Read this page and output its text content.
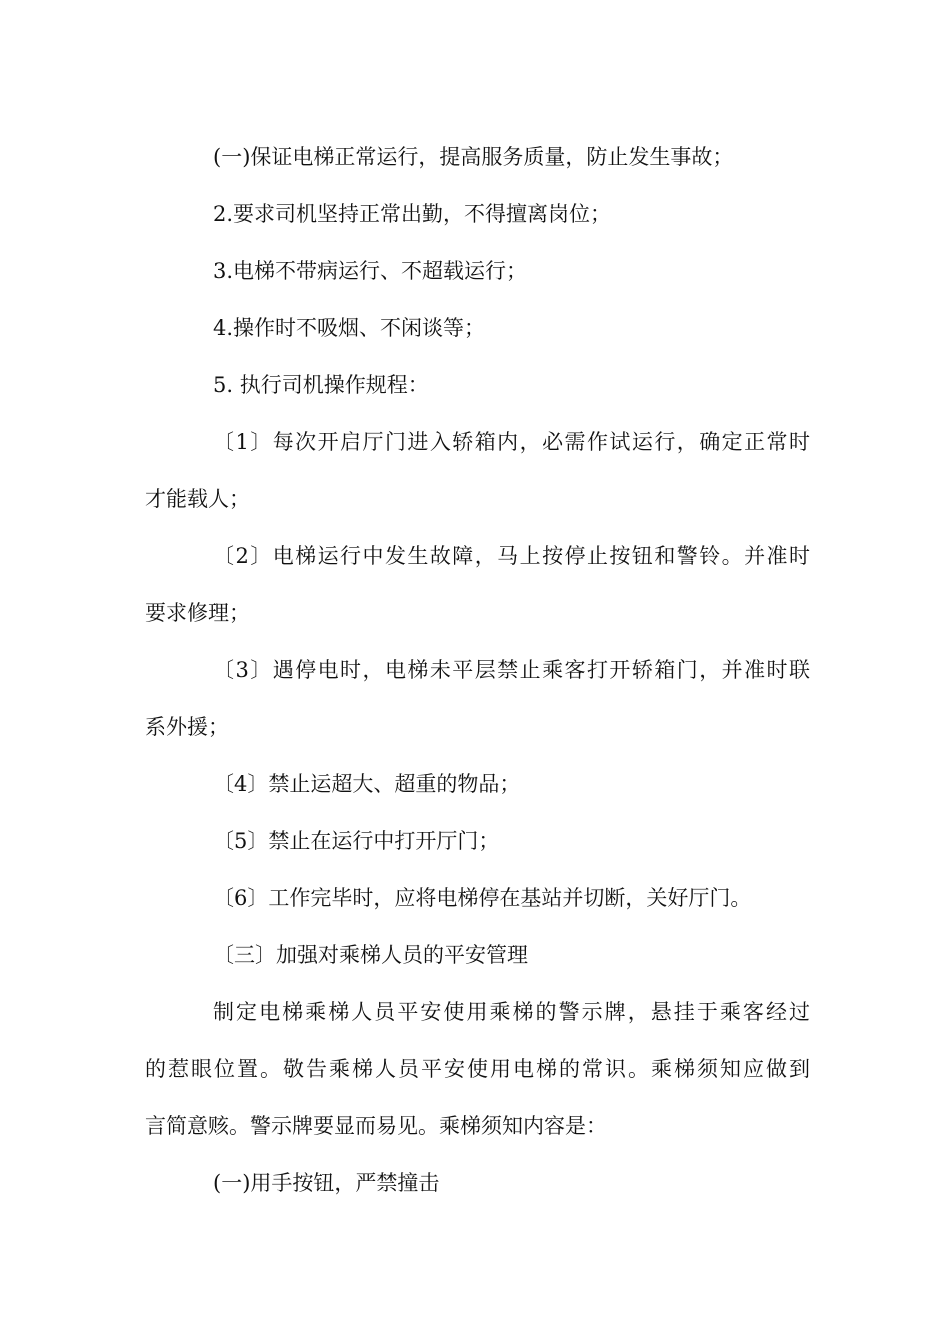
(一)保证电梯正常运行，提高服务质量，防止发生事故；

2.要求司机坚持正常出勤，不得擅离岗位；

3.电梯不带病运行、不超载运行；

4.操作时不吸烟、不闲谈等；

5. 执行司机操作规程：

〔1〕每次开启厅门进入轿箱内，必需作试运行，确定正常时

才能载人；

〔2〕电梯运行中发生故障，马上按停止按钮和警铃。并准时

要求修理；

〔3〕遇停电时，电梯未平层禁止乘客打开轿箱门，并准时联

系外援；

〔4〕禁止运超大、超重的物品；

〔5〕禁止在运行中打开厅门；

〔6〕工作完毕时，应将电梯停在基站并切断，关好厅门。

〔三〕加强对乘梯人员的平安管理

制定电梯乘梯人员平安使用乘梯的警示牌，悬挂于乘客经过

的惹眼位置。敬告乘梯人员平安使用电梯的常识。乘梯须知应做到

言简意赅。警示牌要显而易见。乘梯须知内容是：

(一)用手按钮，严禁撞击
